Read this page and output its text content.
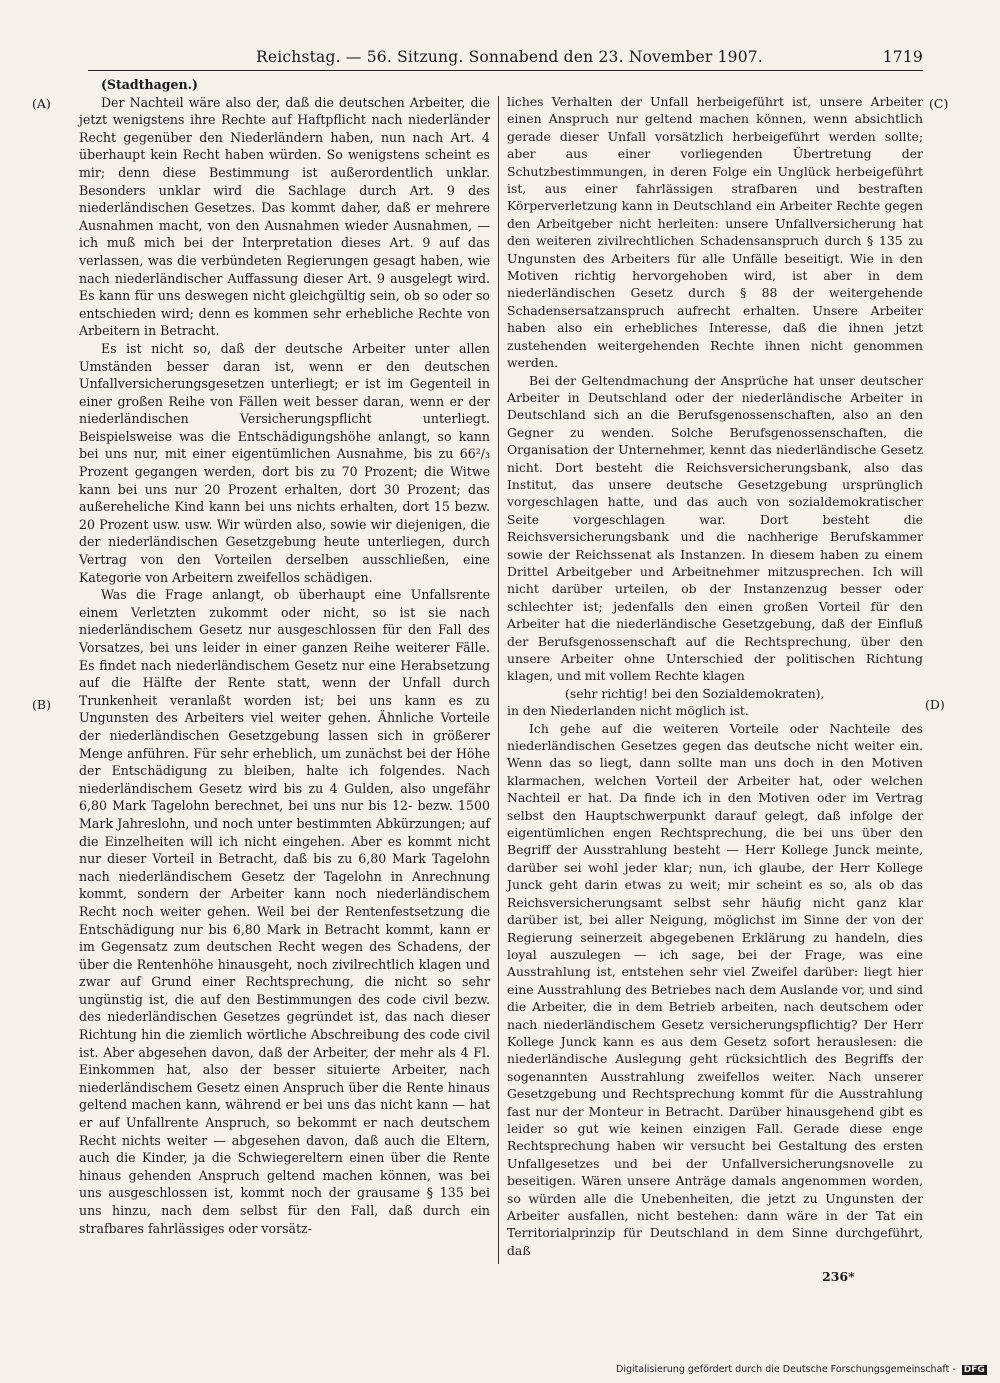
Reichstag. — 56. Sitzung. Sonnabend den 23. November 1907.	1719
(A)
(B)
(C)
(D)

(Stadthagen.)

Der Nachteil wäre also der, daß die deutschen Arbeiter, die jetzt wenigstens ihre Rechte auf Haftpflicht nach niederländer Recht gegenüber den Niederländern haben, nun nach Art. 4 überhaupt kein Recht haben würden. So wenigstens scheint es mir; denn diese Bestimmung ist außerordentlich unklar. Besonders unklar wird die Sachlage durch Art. 9 des niederländischen Gesetzes. Das kommt daher, daß er mehrere Ausnahmen macht, von den Ausnahmen wieder Ausnahmen, — ich muß mich bei der Interpretation dieses Art. 9 auf das verlassen, was die verbündeten Regierungen gesagt haben, wie nach niederländischer Auffassung dieser Art. 9 ausgelegt wird. Es kann für uns deswegen nicht gleichgültig sein, ob so oder so entschieden wird; denn es kommen sehr erhebliche Rechte von Arbeitern in Betracht.

Es ist nicht so, daß der deutsche Arbeiter unter allen Umständen besser daran ist, wenn er den deutschen Unfallversicherungsgesetzen unterliegt; er ist im Gegenteil in einer großen Reihe von Fällen weit besser daran, wenn er der niederländischen Versicherungspflicht unterliegt. Beispielsweise was die Entschädigungshöhe anlangt, so kann bei uns nur, mit einer eigentümlichen Ausnahme, bis zu 66²/₃ Prozent gegangen werden, dort bis zu 70 Prozent; die Witwe kann bei uns nur 20 Prozent erhalten, dort 30 Prozent; das außereheliche Kind kann bei uns nichts erhalten, dort 15 bezw. 20 Prozent usw. usw. Wir würden also, sowie wir diejenigen, die der niederländischen Gesetzgebung heute unterliegen, durch Vertrag von den Vorteilen derselben ausschließen, eine Kategorie von Arbeitern zweifellos schädigen.

Was die Frage anlangt, ob überhaupt eine Unfallsrente einem Verletzten zukommt oder nicht, so ist sie nach niederländischem Gesetz nur ausgeschlossen für den Fall des Vorsatzes, bei uns leider in einer ganzen Reihe weiterer Fälle. Es findet nach niederländischem Gesetz nur eine Herabsetzung auf die Hälfte der Rente statt, wenn der Unfall durch Trunkenheit veranlaßt worden ist; bei uns kann es zu Ungunsten des Arbeiters viel weiter gehen. Ähnliche Vorteile der niederländischen Gesetzgebung lassen sich in größerer Menge anführen. Für sehr erheblich, um zunächst bei der Höhe der Entschädigung zu bleiben, halte ich folgendes. Nach niederländischem Gesetz wird bis zu 4 Gulden, also ungefähr 6,80 Mark Tagelohn berechnet, bei uns nur bis 12- bezw. 1500 Mark Jahreslohn, und noch unter bestimmten Abkürzungen; auf die Einzelheiten will ich nicht eingehen. Aber es kommt nicht nur dieser Vorteil in Betracht, daß bis zu 6,80 Mark Tagelohn nach niederländischem Gesetz der Tagelohn in Anrechnung kommt, sondern der Arbeiter kann noch niederländischem Recht noch weiter gehen. Weil bei der Rentenfestsetzung die Entschädigung nur bis 6,80 Mark in Betracht kommt, kann er im Gegensatz zum deutschen Recht wegen des Schadens, der über die Rentenhöhe hinausgeht, noch zivilrechtlich klagen und zwar auf Grund einer Rechtsprechung, die nicht so sehr ungünstig ist, die auf den Bestimmungen des code civil bezw. des niederländischen Gesetzes gegründet ist, das nach dieser Richtung hin die ziemlich wörtliche Abschreibung des code civil ist. Aber abgesehen davon, daß der Arbeiter, der mehr als 4 Fl. Einkommen hat, also der besser situierte Arbeiter, nach niederländischem Gesetz einen Anspruch über die Rente hinaus geltend machen kann, während er bei uns das nicht kann — hat er auf Unfallrente Anspruch, so bekommt er nach deutschem Recht nichts weiter — abgesehen davon, daß auch die Eltern, auch die Kinder, ja die Schwiegereltern einen über die Rente hinaus gehenden Anspruch geltend machen können, was bei uns ausgeschlossen ist, kommt noch der grausame § 135 bei uns hinzu, nach dem selbst für den Fall, daß durch ein strafbares fahrlässiges oder vorsätz-

liches Verhalten der Unfall herbeigeführt ist, unsere Arbeiter einen Anspruch nur geltend machen können, wenn absichtlich gerade dieser Unfall vorsätzlich herbeigeführt werden sollte; aber aus einer vorliegenden Übertretung der Schutzbestimmungen, in deren Folge ein Unglück herbeigeführt ist, aus einer fahrlässigen strafbaren und bestraften Körperverletzung kann in Deutschland ein Arbeiter Rechte gegen den Arbeitgeber nicht herleiten: unsere Unfallversicherung hat den weiteren zivilrechtlichen Schadensanspruch durch § 135 zu Ungunsten des Arbeiters für alle Unfälle beseitigt. Wie in den Motiven richtig hervorgehoben wird, ist aber in dem niederländischen Gesetz durch § 88 der weitergehende Schadensersatzanspruch aufrecht erhalten. Unsere Arbeiter haben also ein erhebliches Interesse, daß die ihnen jetzt zustehenden weitergehenden Rechte ihnen nicht genommen werden.

Bei der Geltendmachung der Ansprüche hat unser deutscher Arbeiter in Deutschland oder der niederländische Arbeiter in Deutschland sich an die Berufsgenossenschaften, also an den Gegner zu wenden. Solche Berufsgenossenschaften, die Organisation der Unternehmer, kennt das niederländische Gesetz nicht. Dort besteht die Reichsversicherungsbank, also das Institut, das unsere deutsche Gesetzgebung ursprünglich vorgeschlagen hatte, und das auch von sozialdemokratischer Seite vorgeschlagen war. Dort besteht die Reichsversicherungsbank und die nachherige Berufskammer sowie der Reichssenat als Instanzen. In diesem haben zu einem Drittel Arbeitgeber und Arbeitnehmer mitzusprechen. Ich will nicht darüber urteilen, ob der Instanzenzug besser oder schlechter ist; jedenfalls den einen großen Vorteil für den Arbeiter hat die niederländische Gesetzgebung, daß der Einfluß der Berufsgenossenschaft auf die Rechtsprechung, über den unsere Arbeiter ohne Unterschied der politischen Richtung klagen, und mit vollem Rechte klagen

(sehr richtig! bei den Sozialdemokraten),

in den Niederlanden nicht möglich ist.

Ich gehe auf die weiteren Vorteile oder Nachteile des niederländischen Gesetzes gegen das deutsche nicht weiter ein. Wenn das so liegt, dann sollte man uns doch in den Motiven klarmachen, welchen Vorteil der Arbeiter hat, oder welchen Nachteil er hat. Da finde ich in den Motiven oder im Vertrag selbst den Hauptschwerpunkt darauf gelegt, daß infolge der eigentümlichen engen Rechtsprechung, die bei uns über den Begriff der Ausstrahlung besteht — Herr Kollege Junck meinte, darüber sei wohl jeder klar; nun, ich glaube, der Herr Kollege Junck geht darin etwas zu weit; mir scheint es so, als ob das Reichsversicherungsamt selbst sehr häufig nicht ganz klar darüber ist, bei aller Neigung, möglichst im Sinne der von der Regierung seinerzeit abgegebenen Erklärung zu handeln, dies loyal auszulegen — ich sage, bei der Frage, was eine Ausstrahlung ist, entstehen sehr viel Zweifel darüber: liegt hier eine Ausstrahlung des Betriebes nach dem Auslande vor, und sind die Arbeiter, die in dem Betrieb arbeiten, nach deutschem oder nach niederländischem Gesetz versicherungspflichtig? Der Herr Kollege Junck kann es aus dem Gesetz sofort herauslesen: die niederländische Auslegung geht rücksichtlich des Begriffs der sogenannten Ausstrahlung zweifellos weiter. Nach unserer Gesetzgebung und Rechtsprechung kommt für die Ausstrahlung fast nur der Monteur in Betracht. Darüber hinausgehend gibt es leider so gut wie keinen einzigen Fall. Gerade diese enge Rechtsprechung haben wir versucht bei Gestaltung des ersten Unfallgesetzes und bei der Unfallversicherungsnovelle zu beseitigen. Wären unsere Anträge damals angenommen worden, so würden alle die Unebenheiten, die jetzt zu Ungunsten der Arbeiter ausfallen, nicht bestehen: dann wäre in der Tat ein Territorialprinzip für Deutschland in dem Sinne durchgeführt, daß

236*
Digitalisierung gefördert durch die Deutsche Forschungsgemeinschaft - DFG
